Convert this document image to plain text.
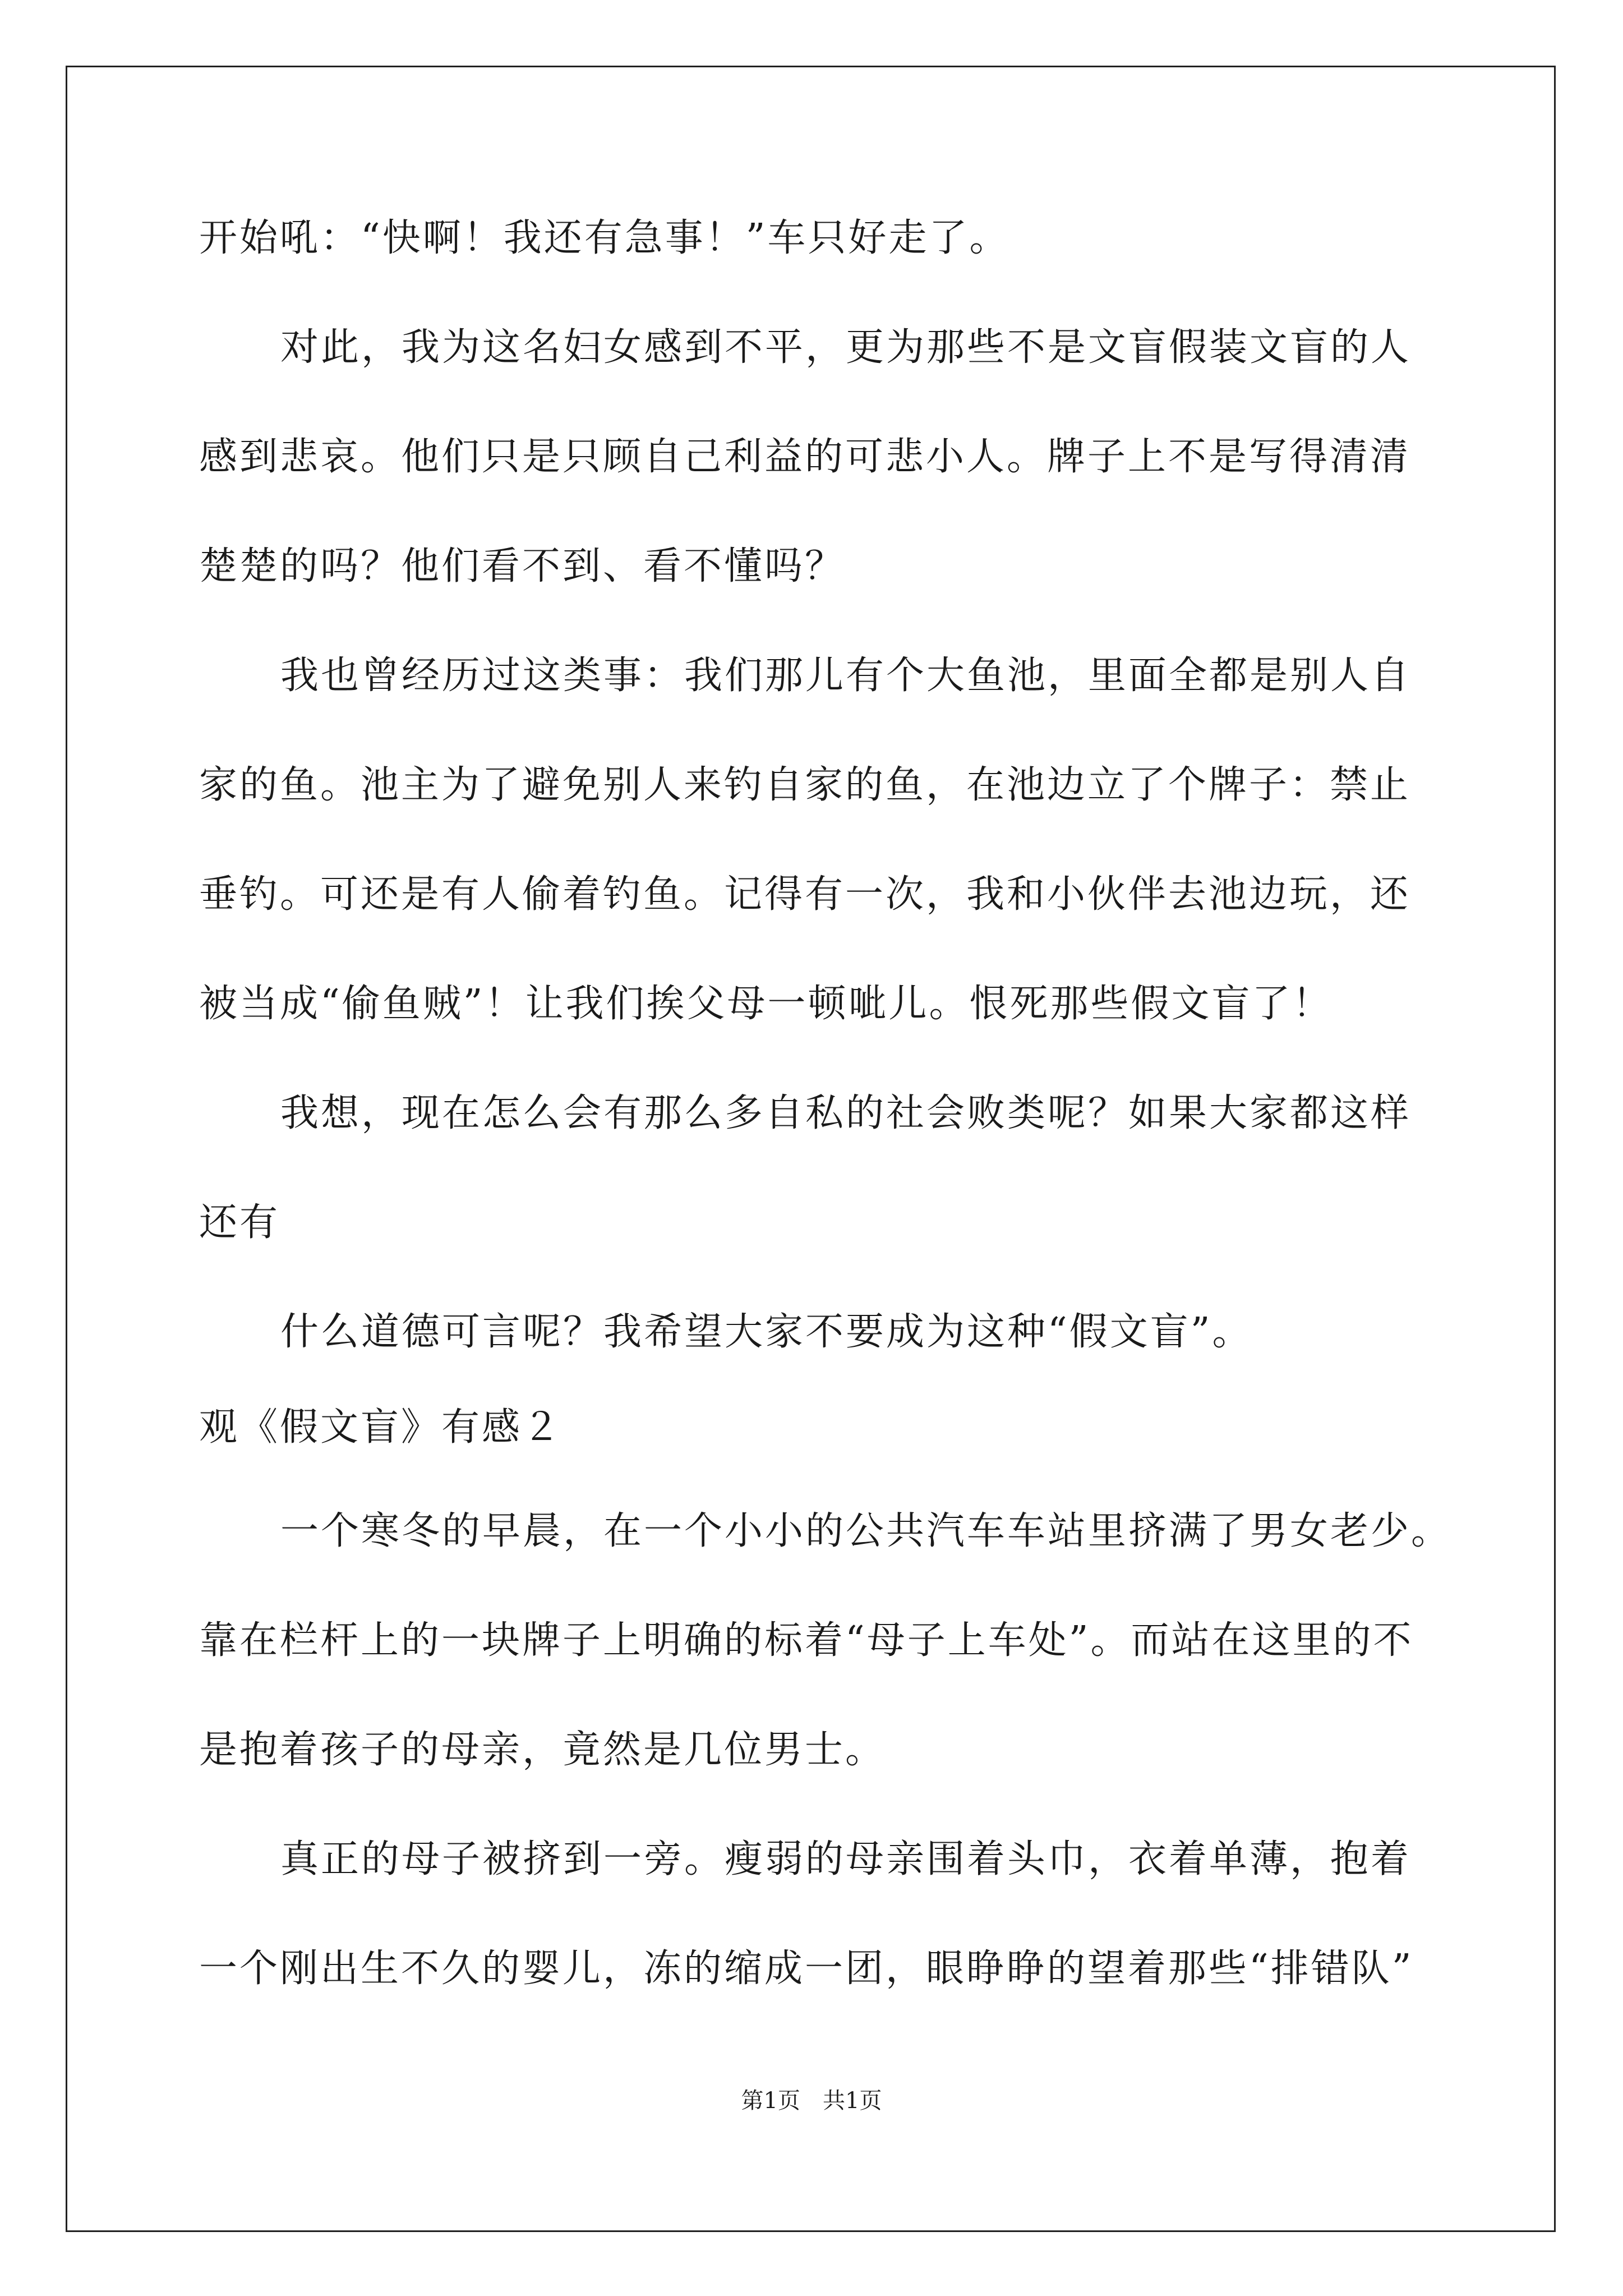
开始吼：“快啊！我还有急事！”车只好走了。
对此，我为这名妇女感到不平，更为那些不是文盲假装文盲的人
感到悲哀。他们只是只顾自己利益的可悲小人。牌子上不是写得清清
楚楚的吗？他们看不到、看不懂吗？
我也曾经历过这类事：我们那儿有个大鱼池，里面全都是别人自
家的鱼。池主为了避免别人来钓自家的鱼，在池边立了个牌子：禁止
垂钓。可还是有人偷着钓鱼。记得有一次，我和小伙伴去池边玩，还
被当成“偷鱼贼”！让我们挨父母一顿呲儿。恨死那些假文盲了！
我想，现在怎么会有那么多自私的社会败类呢？如果大家都这样
还有
什么道德可言呢？我希望大家不要成为这种“假文盲”。
观《假文盲》有感２
一个寒冬的早晨，在一个小小的公共汽车车站里挤满了男女老少。
靠在栏杆上的一块牌子上明确的标着“母子上车处”。而站在这里的不
是抱着孩子的母亲，竟然是几位男士。
真正的母子被挤到一旁。瘦弱的母亲围着头巾，衣着单薄，抱着
一个刚出生不久的婴儿，冻的缩成一团，眼睁睁的望着那些“排错队”
第1页　共1页
